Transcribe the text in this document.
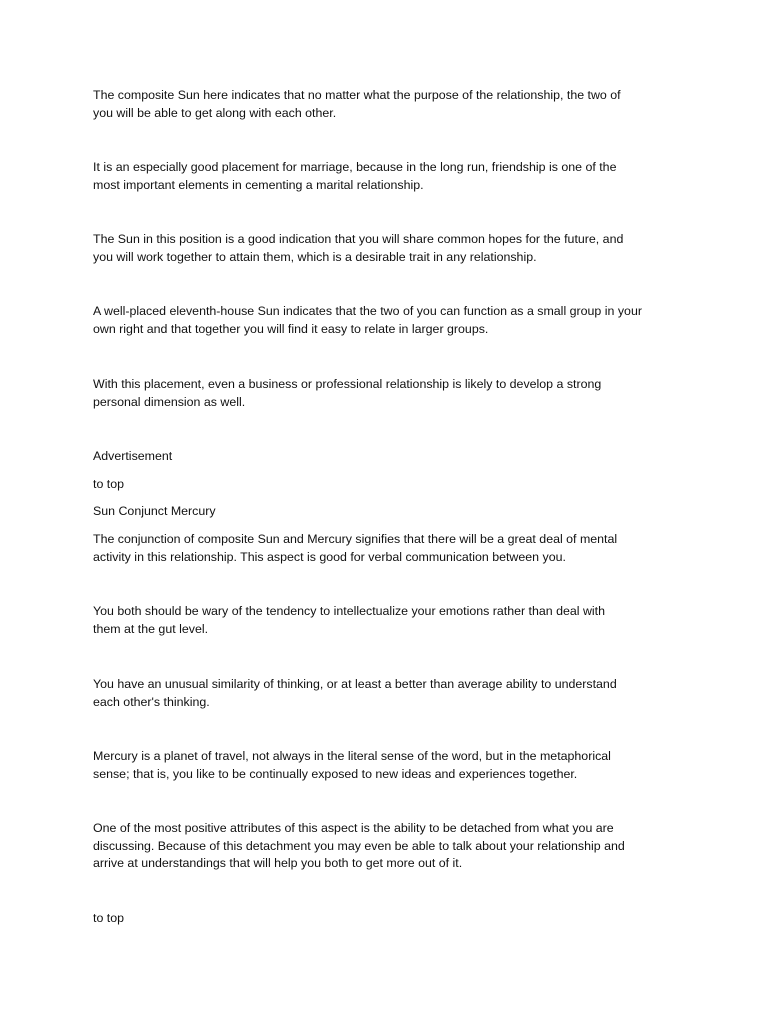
The composite Sun here indicates that no matter what the purpose of the relationship, the two of
you will be able to get along with each other.
It is an especially good placement for marriage, because in the long run, friendship is one of the
most important elements in cementing a marital relationship.
The Sun in this position is a good indication that you will share common hopes for the future, and
you will work together to attain them, which is a desirable trait in any relationship.
A well-placed eleventh-house Sun indicates that the two of you can function as a small group in your
own right and that together you will find it easy to relate in larger groups.
With this placement, even a business or professional relationship is likely to develop a strong
personal dimension as well.
Advertisement
to top
Sun Conjunct Mercury
The conjunction of composite Sun and Mercury signifies that there will be a great deal of mental
activity in this relationship. This aspect is good for verbal communication between you.
You both should be wary of the tendency to intellectualize your emotions rather than deal with
them at the gut level.
You have an unusual similarity of thinking, or at least a better than average ability to understand
each other's thinking.
Mercury is a planet of travel, not always in the literal sense of the word, but in the metaphorical
sense; that is, you like to be continually exposed to new ideas and experiences together.
One of the most positive attributes of this aspect is the ability to be detached from what you are
discussing. Because of this detachment you may even be able to talk about your relationship and
arrive at understandings that will help you both to get more out of it.
to top
